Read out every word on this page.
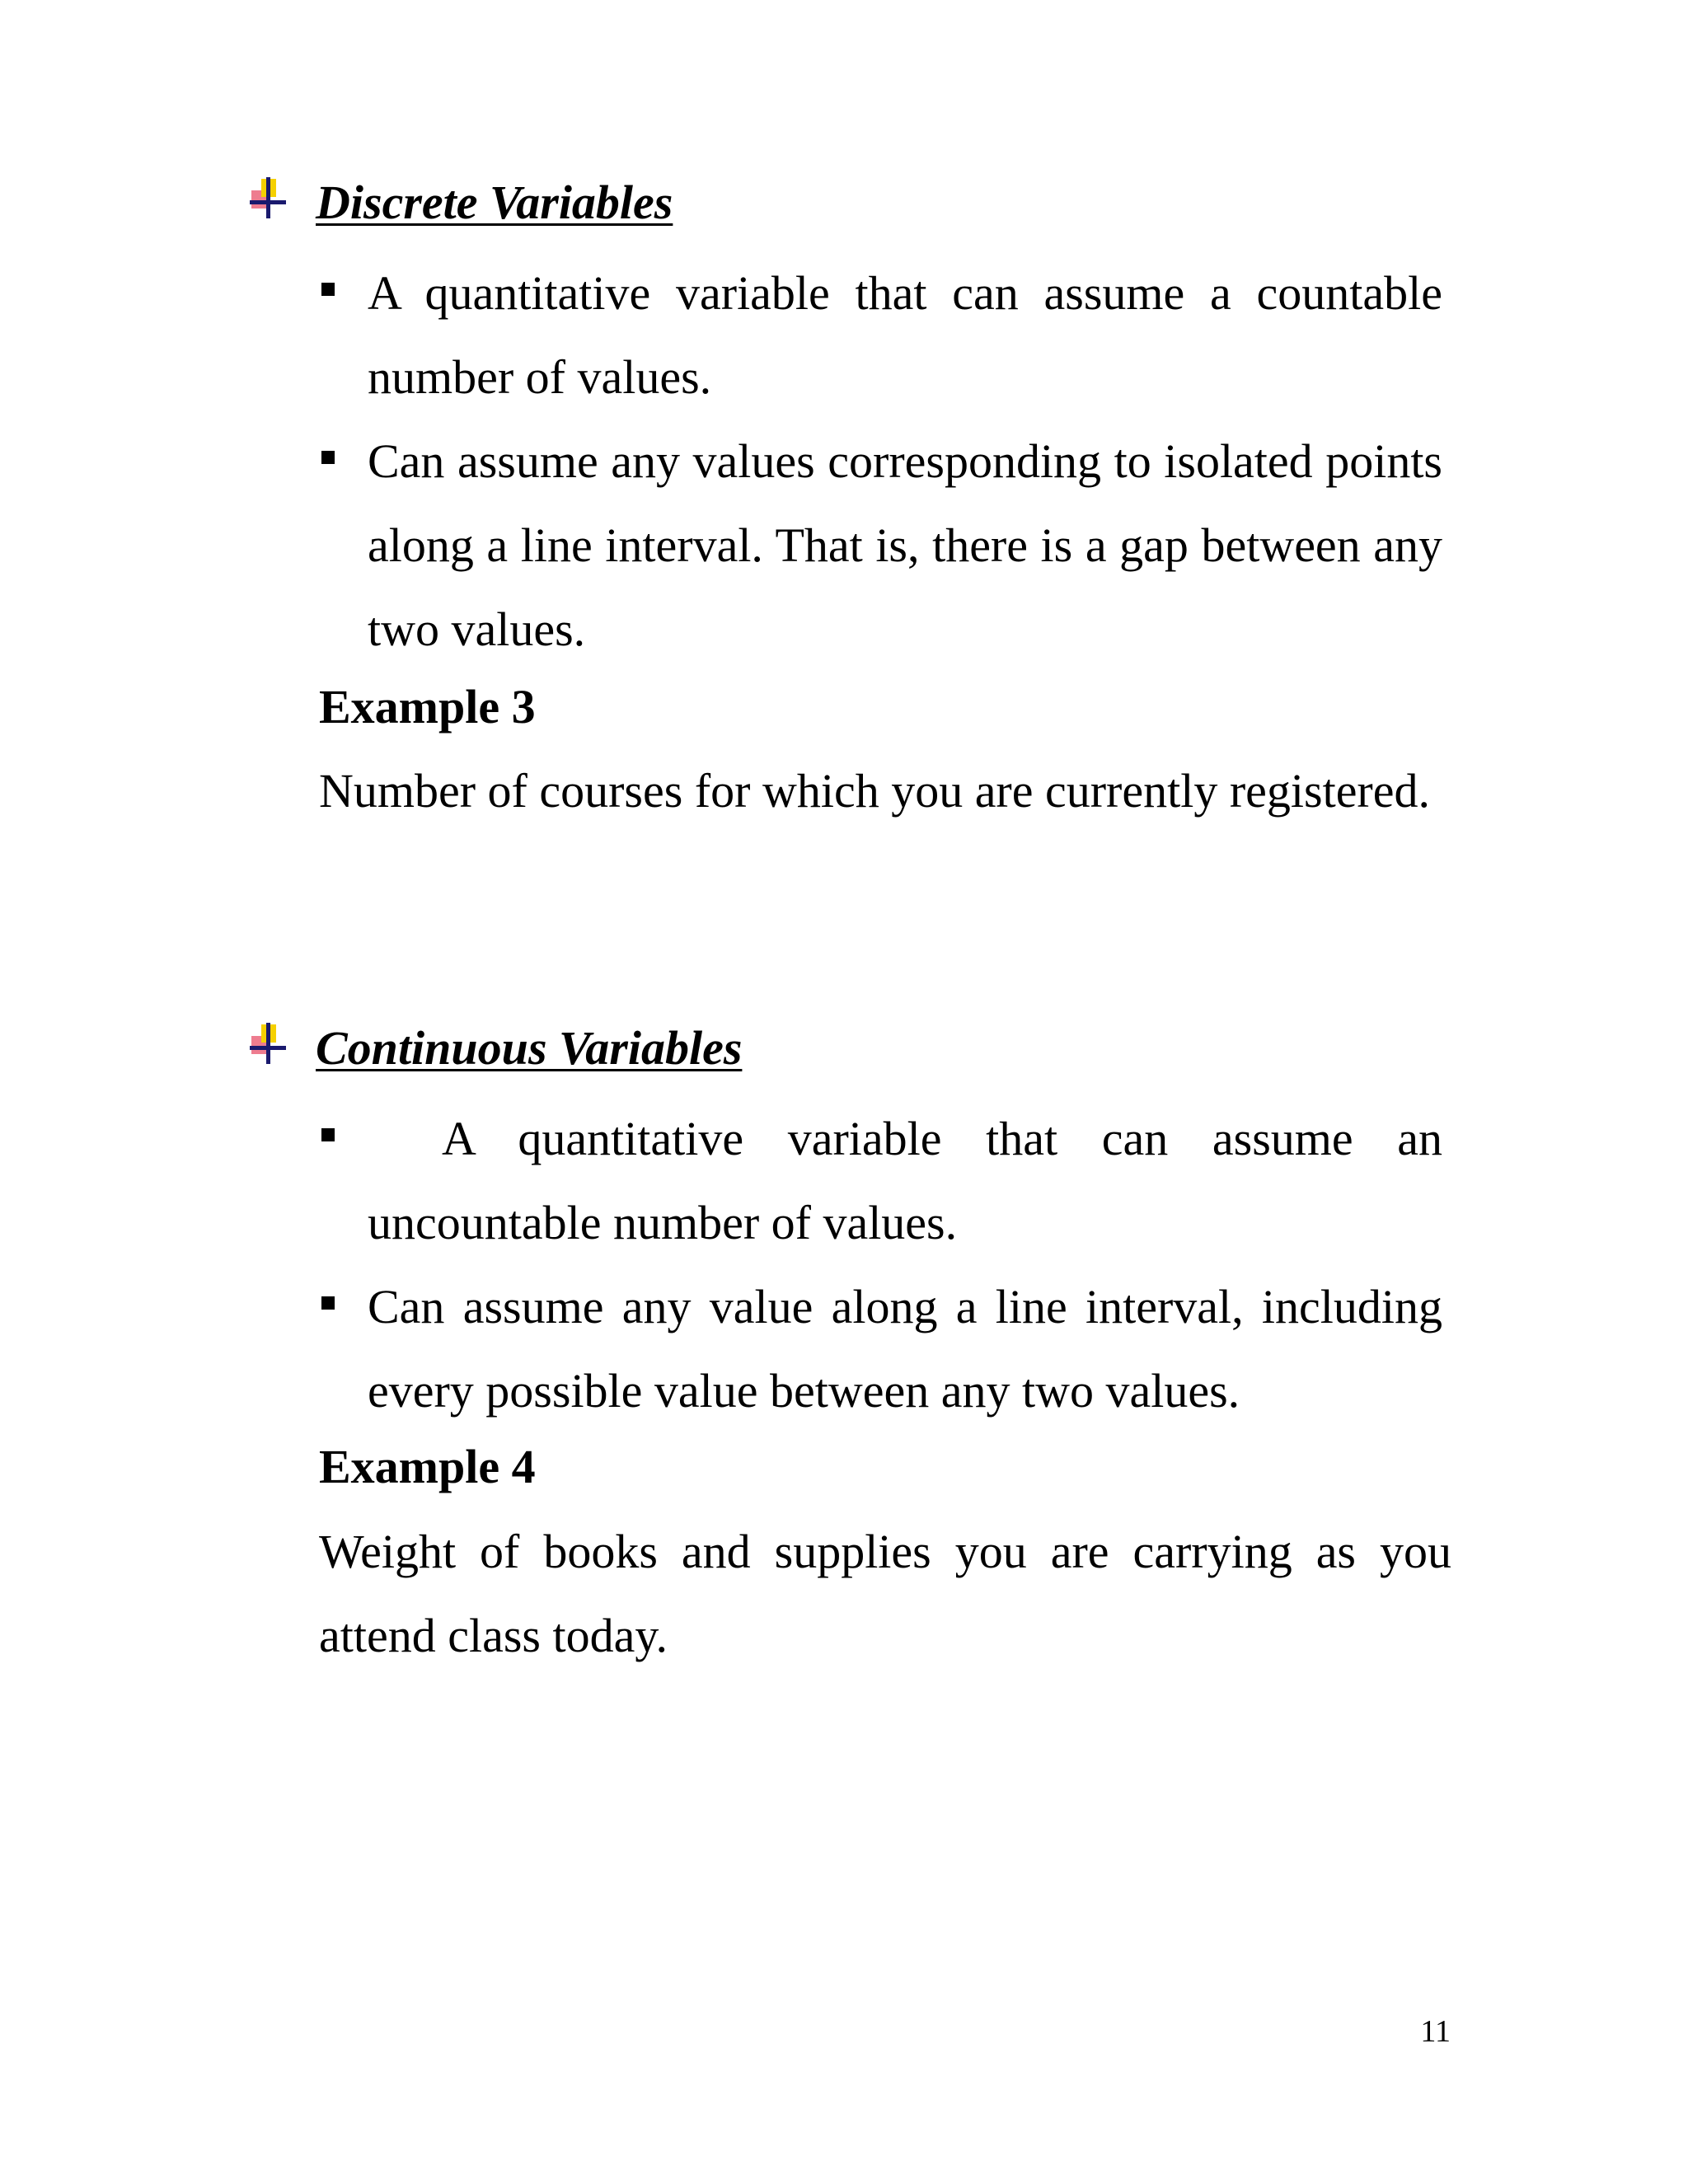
Discrete Variables
A quantitative variable that can assume a countable number of values.
Can assume any values corresponding to isolated points along a line interval. That is, there is a gap between any two values.
Example 3
Number of courses for which you are currently registered.
Continuous Variables
A quantitative variable that can assume an uncountable number of values.
Can assume any value along a line interval, including every possible value between any two values.
Example 4
Weight of books and supplies you are carrying as you attend class today.
11
